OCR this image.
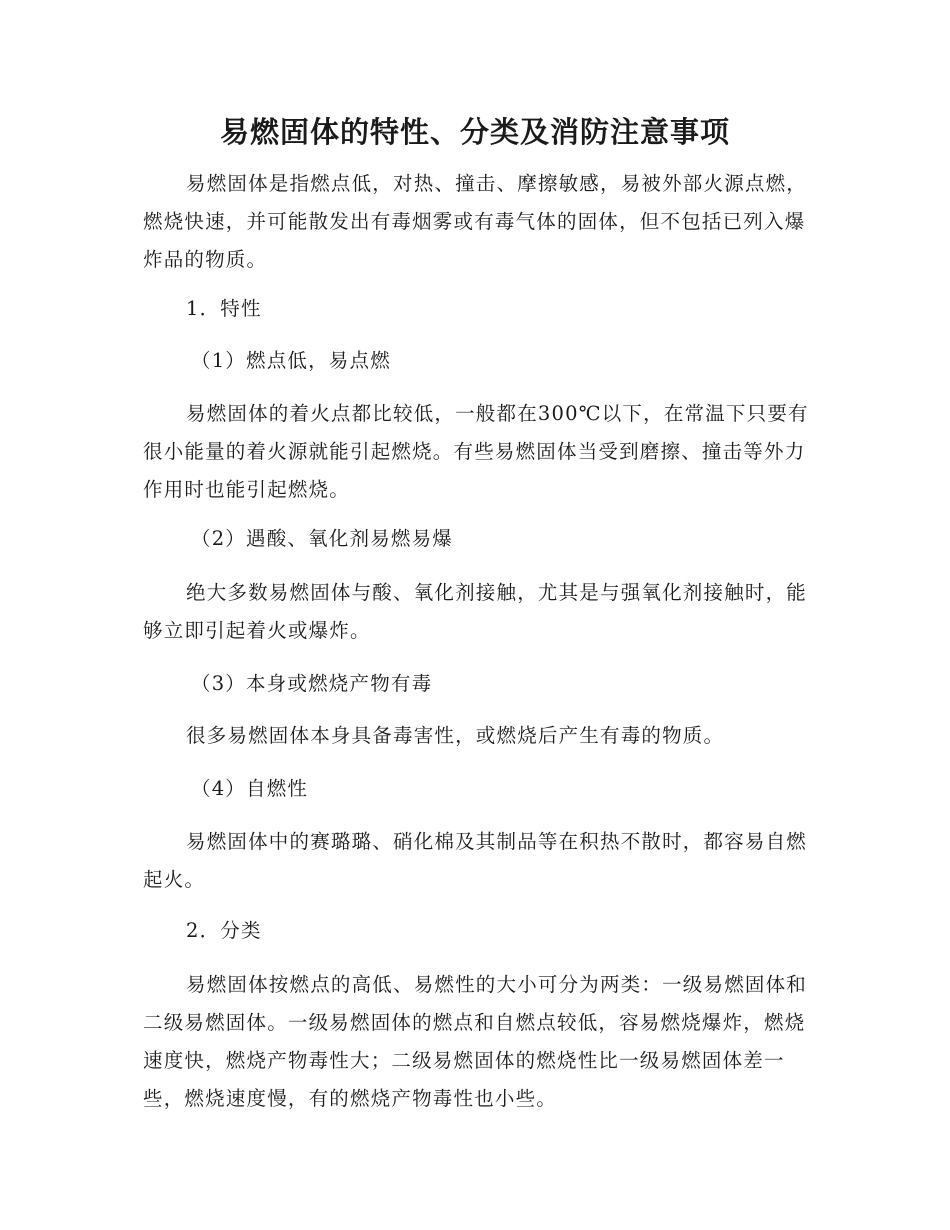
易燃固体的特性、分类及消防注意事项

易燃固体是指燃点低，对热、撞击、摩擦敏感，易被外部火源点燃，燃烧快速，并可能散发出有毒烟雾或有毒气体的固体，但不包括已列入爆炸品的物质。

1．特性
（1）燃点低，易点燃

易燃固体的着火点都比较低，一般都在300℃以下，在常温下只要有很小能量的着火源就能引起燃烧。有些易燃固体当受到磨擦、撞击等外力作用时也能引起燃烧。

（2）遇酸、氧化剂易燃易爆

绝大多数易燃固体与酸、氧化剂接触，尤其是与强氧化剂接触时，能够立即引起着火或爆炸。

（3）本身或燃烧产物有毒

很多易燃固体本身具备毒害性，或燃烧后产生有毒的物质。

（4）自燃性

易燃固体中的赛璐璐、硝化棉及其制品等在积热不散时，都容易自燃起火。

2．分类

易燃固体按燃点的高低、易燃性的大小可分为两类：一级易燃固体和二级易燃固体。一级易燃固体的燃点和自燃点较低，容易燃烧爆炸，燃烧速度快，燃烧产物毒性大；二级易燃固体的燃烧性比一级易燃固体差一些，燃烧速度慢，有的燃烧产物毒性也小些。
